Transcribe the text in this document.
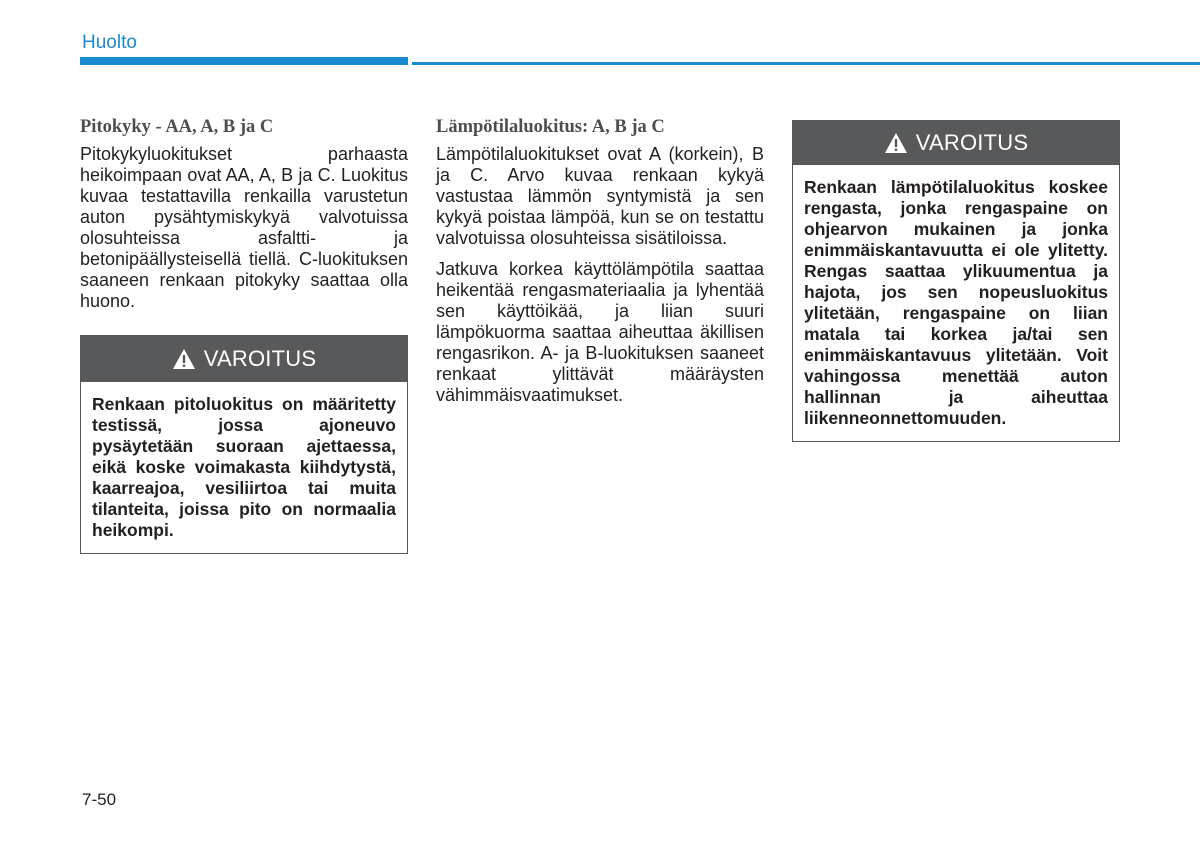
Huolto
Pitokyky - AA, A, B ja C

Pitokykyluokitukset parhaasta heikoimpaan ovat AA, A, B ja C. Luokitus kuvaa testattavilla renkailla varustetun auton pysähtymiskykyä valvotuissa olosuhteissa asfaltti- ja betonipäällysteisellä tiellä. C-luokituksen saaneen renkaan pitokyky saattaa olla huono.

VAROITUS
Renkaan pitoluokitus on määritetty testissä, jossa ajoneuvo pysäytetään suoraan ajettaessa, eikä koske voimakasta kiihdytystä, kaarreajoa, vesiliirtoa tai muita tilanteita, joissa pito on normaalia heikompi.
Lämpötilaluokitus: A, B ja C

Lämpötilaluokitukset ovat A (korkein), B ja C. Arvo kuvaa renkaan kykyä vastustaa lämmön syntymistä ja sen kykyä poistaa lämpöä, kun se on testattu valvotuissa olosuhteissa sisätiloissa.

Jatkuva korkea käyttölämpötila saattaa heikentää rengasmateriaalia ja lyhentää sen käyttöikää, ja liian suuri lämpökuorma saattaa aiheuttaa äkillisen rengasrikon. A- ja B-luokituksen saaneet renkaat ylittävät määräysten vähimmäisvaatimukset.

VAROITUS
Renkaan lämpötilaluokitus koskee rengasta, jonka rengaspaine on ohjearvon mukainen ja jonka enimmäiskantavuutta ei ole ylitetty. Rengas saattaa ylikuumentua ja hajota, jos sen nopeusluokitus ylitetään, rengaspaine on liian matala tai korkea ja/tai sen enimmäiskantavuus ylitetään. Voit vahingossa menettää auton hallinnan ja aiheuttaa liikenneonnettomuuden.
7-50
